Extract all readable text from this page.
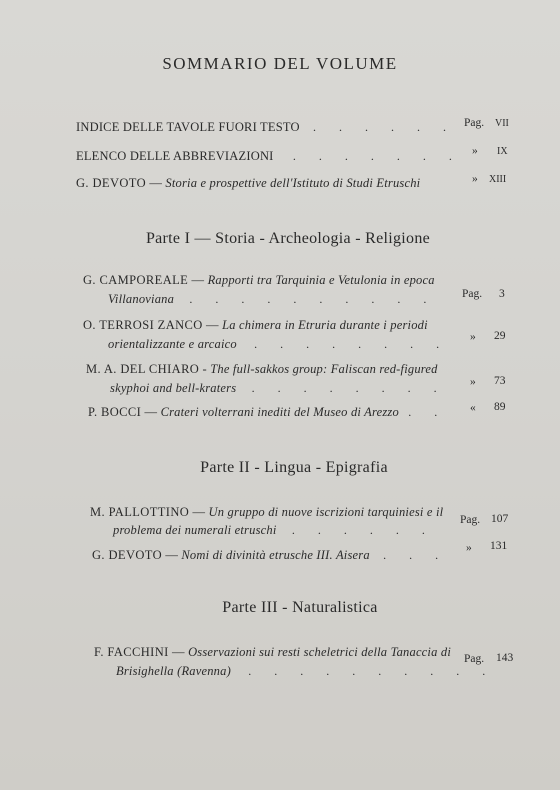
SOMMARIO DEL VOLUME
INDICE DELLE TAVOLE FUORI TESTO . . . . . . Pag. VII
ELENCO DELLE ABBREVIAZIONI . . . . . . . » IX
G. DEVOTO — Storia e prospettive dell'Istituto di Studi Etruschi	» XIII
Parte I — Storia - Archeologia - Religione
G. CAMPOREALE — Rapporti tra Tarquinia e Vetulonia in epoca
Villanoviana . . . . . . . . . . Pag. 3
O. TERROSI ZANCO — La chimera in Etruria durante i periodi
orientalizzante e arcaico . . . . . . . . » 29
M. A. DEL CHIARO - The full-sakkos group: Faliscan red-figured
skyphoi and bell-kraters . . . . . . . . » 73
P. BOCCI — Crateri volterrani inediti del Museo di Arezzo . . « 89
Parte II - Lingua - Epigrafia
M. PALLOTTINO — Un gruppo di nuove iscrizioni tarquiniesi e il
problema dei numerali etruschi . . . . . .
Pag. 107
G. DEVOTO — Nomi di divinità etrusche III. Aisera . . . » 131
Parte III - Naturalistica
F. FACCHINI — Osservazioni sui resti scheletrici della Tanaccia di
Brisighella (Ravenna) . . . . . . . . . .
Pag. 143
